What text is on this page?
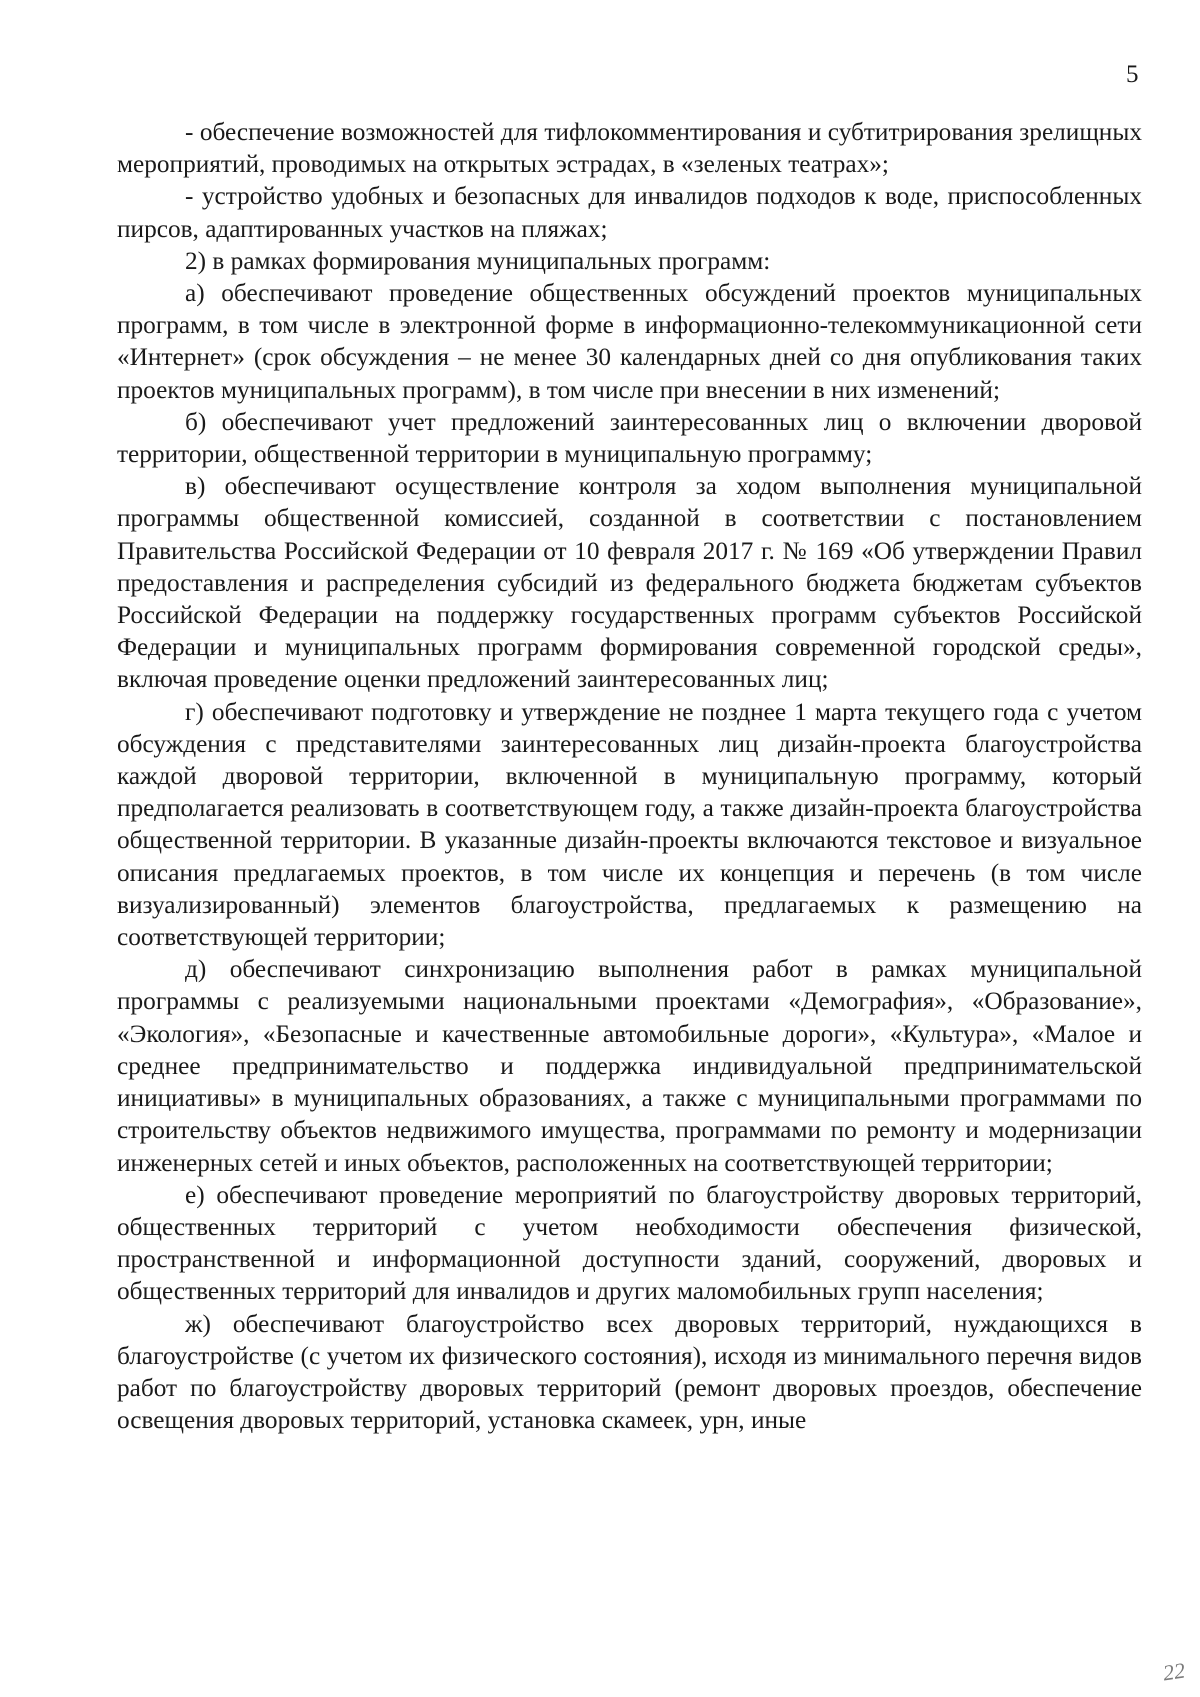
5

- обеспечение возможностей для тифлокомментирования и субтитрирования зрелищных мероприятий, проводимых на открытых эстрадах, в «зеленых театрах»;

- устройство удобных и безопасных для инвалидов подходов к воде, приспособленных пирсов, адаптированных участков на пляжах;

2) в рамках формирования муниципальных программ:

а) обеспечивают проведение общественных обсуждений проектов муниципальных программ, в том числе в электронной форме в информационно-телекоммуникационной сети «Интернет» (срок обсуждения – не менее 30 календарных дней со дня опубликования таких проектов муниципальных программ), в том числе при внесении в них изменений;

б) обеспечивают учет предложений заинтересованных лиц о включении дворовой территории, общественной территории в муниципальную программу;

в) обеспечивают осуществление контроля за ходом выполнения муниципальной программы общественной комиссией, созданной в соответствии с постановлением Правительства Российской Федерации от 10 февраля 2017 г. № 169 «Об утверждении Правил предоставления и распределения субсидий из федерального бюджета бюджетам субъектов Российской Федерации на поддержку государственных программ субъектов Российской Федерации и муниципальных программ формирования современной городской среды», включая проведение оценки предложений заинтересованных лиц;

г) обеспечивают подготовку и утверждение не позднее 1 марта текущего года с учетом обсуждения с представителями заинтересованных лиц дизайн-проекта благоустройства каждой дворовой территории, включенной в муниципальную программу, который предполагается реализовать в соответствующем году, а также дизайн-проекта благоустройства общественной территории. В указанные дизайн-проекты включаются текстовое и визуальное описания предлагаемых проектов, в том числе их концепция и перечень (в том числе визуализированный) элементов благоустройства, предлагаемых к размещению на соответствующей территории;

д) обеспечивают синхронизацию выполнения работ в рамках муниципальной программы с реализуемыми национальными проектами «Демография», «Образование», «Экология», «Безопасные и качественные автомобильные дороги», «Культура», «Малое и среднее предпринимательство и поддержка индивидуальной предпринимательской инициативы» в муниципальных образованиях, а также с муниципальными программами по строительству объектов недвижимого имущества, программами по ремонту и модернизации инженерных сетей и иных объектов, расположенных на соответствующей территории;

е) обеспечивают проведение мероприятий по благоустройству дворовых территорий, общественных территорий с учетом необходимости обеспечения физической, пространственной и информационной доступности зданий, сооружений, дворовых и общественных территорий для инвалидов и других маломобильных групп населения;

ж) обеспечивают благоустройство всех дворовых территорий, нуждающихся в благоустройстве (с учетом их физического состояния), исходя из минимального перечня видов работ по благоустройству дворовых территорий (ремонт дворовых проездов, обеспечение освещения дворовых территорий, установка скамеек, урн, иные

22
